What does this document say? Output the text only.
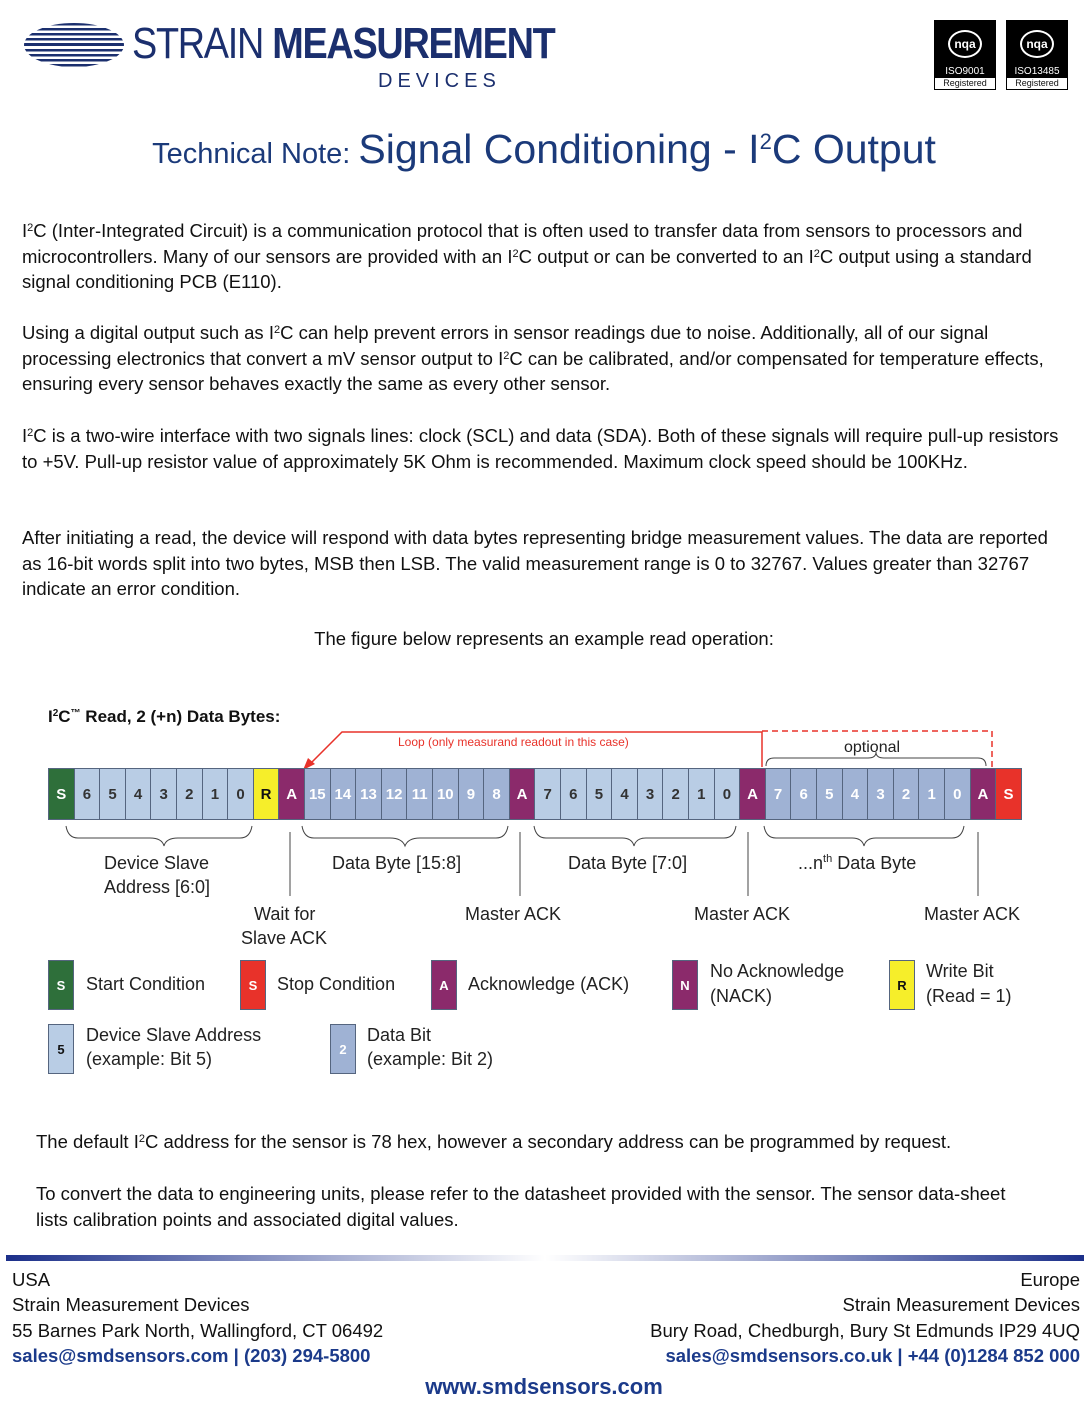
STRAIN MEASUREMENT
DEVICES
nqa
ISO9001
Registered
nqa
ISO13485
Registered
Technical Note: Signal Conditioning - $I^2C$ Output
$I^2C$ (Inter-Integrated Circuit) is a communication protocol that is often used to transfer data from sensors to processors and microcontrollers. Many of our sensors are provided with an $I^2C$ output or can be converted to an $I^2C$ output using a standard signal conditioning PCB (E110).
Using a digital output such as $I^2C$ can help prevent errors in sensor readings due to noise. Additionally, all of our signal processing electronics that convert a mV sensor output to $I^2C$ can be calibrated, and/or compensated for temperature effects, ensuring every sensor behaves exactly the same as every other sensor.
$I^2C$ is a two-wire interface with two signals lines: clock (SCL) and data (SDA). Both of these signals will require pull-up resistors to +5V. Pull-up resistor value of approximately 5K Ohm is recommended. Maximum clock speed should be 100KHz.
After initiating a read, the device will respond with data bytes representing bridge measurement values. The data are reported as 16-bit words split into two bytes, MSB then LSB. The valid measurement range is 0 to 32767. Values greater than 32767 indicate an error condition.
The figure below represents an example read operation:
$I^2C™$ Read, 2 (+n) Data Bytes:
Loop (only measurand readout in this case)	optional
S	6	5	4	3	2	1	0	R A 15 14 13 12 11 10 9	8	A	7	6	5	4	3	2	1	0	A	7	6	5	4	3	2	1	0	A	S
Device Slave
Address [6:0]
Data Byte [15:8]	Data Byte [7:0]	$...n^{th}$ Data Byte
Wait for
Slave ACK
Master ACK	Master ACK	Master ACK
S	Start Condition	S	Stop Condition	A	Acknowledge (ACK)	N
No Acknowledge
(NACK)
R
Write Bit
(Read = 1)
5
Device Slave Address
(example: Bit 5)	2
Data Bit
(example: Bit 2)
The default $I^2C$ address for the sensor is 78 hex, however a secondary address can be programmed by request.
To convert the data to engineering units, please refer to the datasheet provided with the sensor. The sensor data-sheet lists calibration points and associated digital values.
USA
Strain Measurement Devices
55 Barnes Park North, Wallingford, CT 06492
sales@smdsensors.com | (203) 294-5800
Europe
Strain Measurement Devices
Bury Road, Chedburgh, Bury St Edmunds IP29 4UQ
sales@smdsensors.co.uk | +44 (0)1284 852 000
www.smdsensors.com
